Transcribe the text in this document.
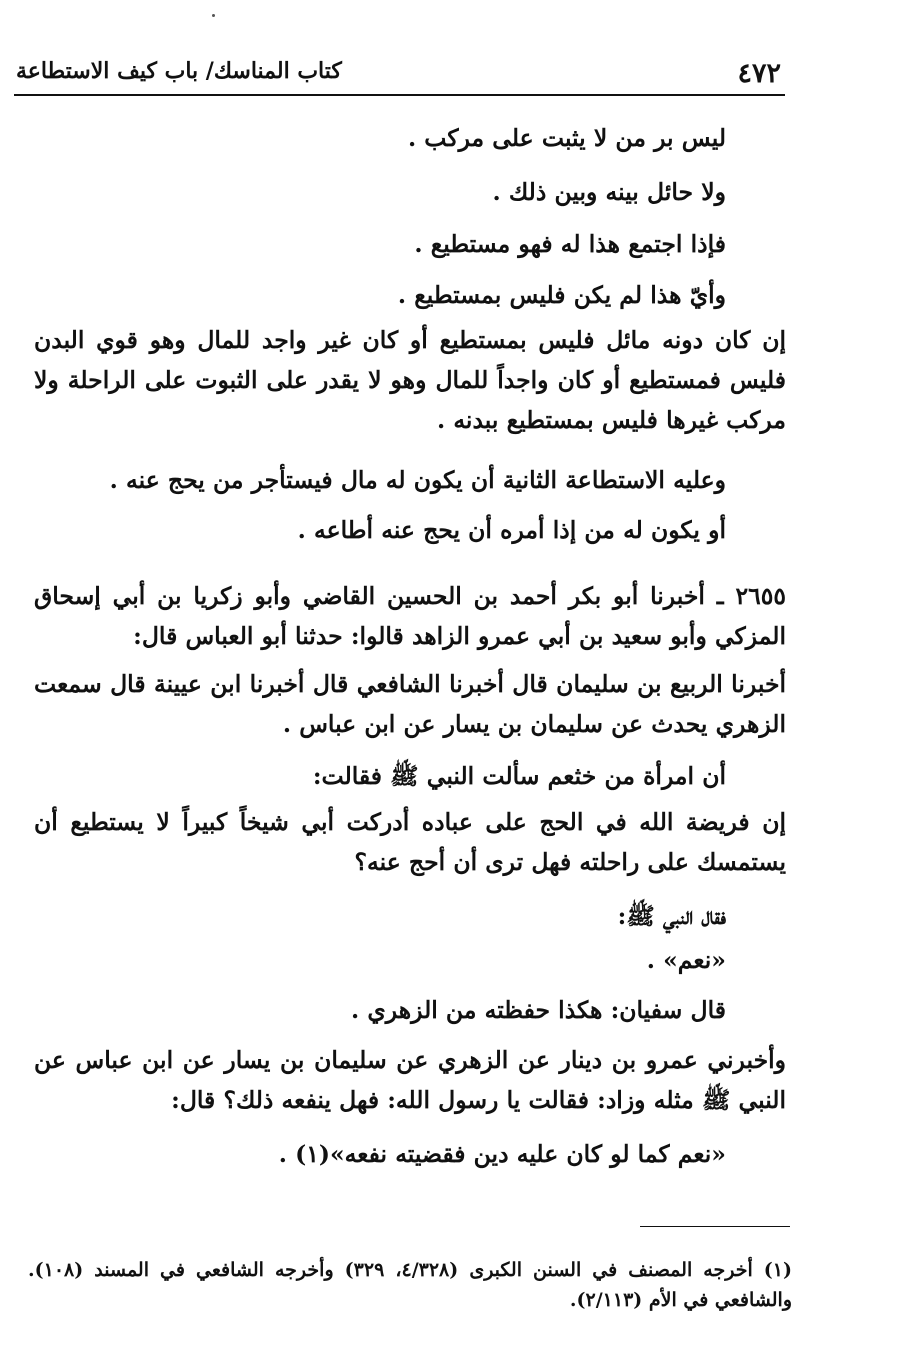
٤٧٢
كتاب المناسك/ باب كيف الاستطاعة

ليس بر من لا يثبت على مركب .

ولا حائل بينه وبين ذلك .

فإذا اجتمع هذا له فهو مستطيع .

وأيّ هذا لم يكن فليس بمستطيع .

إن كان دونه مائل فليس بمستطيع أو كان غير واجد للمال وهو قوي البدن فليس فمستطيع أو كان واجداً للمال وهو لا يقدر على الثبوت على الراحلة ولا مركب غيرها فليس بمستطيع ببدنه .

وعليه الاستطاعة الثانية أن يكون له مال فيستأجر من يحج عنه .

أو يكون له من إذا أمره أن يحج عنه أطاعه .

٢٦٥٥ ـ أخبرنا أبو بكر أحمد بن الحسين القاضي وأبو زكريا بن أبي إسحاق المزكي وأبو سعيد بن أبي عمرو الزاهد قالوا: حدثنا أبو العباس قال:

أخبرنا الربيع بن سليمان قال أخبرنا الشافعي قال أخبرنا ابن عيينة قال سمعت الزهري يحدث عن سليمان بن يسار عن ابن عباس .

أن امرأة من خثعم سألت النبي ﷺ فقالت:

إن فريضة الله في الحج على عباده أدركت أبي شيخاً كبيراً لا يستطيع أن يستمسك على راحلته فهل ترى أن أحج عنه؟

فقال النبي ﷺ:

«نعم» .

قال سفيان: هكذا حفظته من الزهري .

وأخبرني عمرو بن دينار عن الزهري عن سليمان بن يسار عن ابن عباس عن النبي ﷺ مثله وزاد: فقالت يا رسول الله: فهل ينفعه ذلك؟ قال:

«نعم كما لو كان عليه دين فقضيته نفعه»(١) .

(١) أخرجه المصنف في السنن الكبرى (٤/٣٢٨، ٣٢٩) وأخرجه الشافعي في المسند (١٠٨). والشافعي في الأم (٢/١١٣).
